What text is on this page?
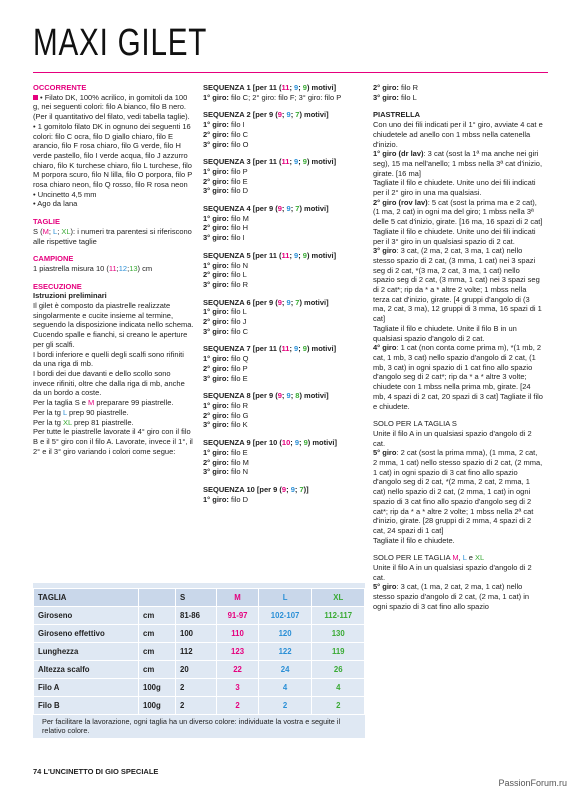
MAXI GILET
OCCORRENTE

• Filato DK, 100% acrilico, in gomitoli da 100 g, nei seguenti colori: filo A bianco, filo B nero. (Per il quantitativo del filato, vedi tabella taglie).

• 1 gomitolo filato DK in ognuno dei seguenti 16 colori: filo C ocra, filo D giallo chiaro, filo E arancio, filo F rosa chiaro, filo G verde, filo H verde pastello, filo I verde acqua, filo J azzurro chiaro, filo K turchese chiaro, filo L turchese, filo M porpora scuro, filo N lilla, filo O porpora, filo P rosa chiaro neon, filo Q rosso, filo R rosa neon

• Uncinetto 4,5 mm

• Ago da lana

TAGLIE

S (M; L; XL): i numeri tra parentesi si riferiscono alle rispettive taglie

CAMPIONE

1 piastrella misura 10 (11;12;13) cm

ESECUZIONE

Istruzioni preliminari

Il gilet è composto da piastrelle realizzate singolarmente e cucite insieme al termine, seguendo la disposizione indicata nello schema. Cucendo spalle e fianchi, si creano le aperture per gli scalfi.

I bordi inferiore e quelli degli scalfi sono rifiniti da una riga di mb.

I bordi dei due davanti e dello scollo sono invece rifiniti, oltre che dalla riga di mb, anche da un bordo a coste.

Per la taglia S e M preparare 99 piastrelle.

Per la tg L prep 90 piastrelle.

Per la tg XL prep 81 piastrelle.

Per tutte le piastrelle lavorate il 4° giro con il filo B e il 5° giro con il filo A. Lavorate, invece il 1°, il 2° e il 3° giro variando i colori come segue:

SEQUENZA 1 [per 11 (11; 9; 9) motivi]

1° giro: filo C; 2° giro: filo F; 3° giro: filo P

SEQUENZA 2 [per 9 (9; 9; 7) motivi]

1° giro: filo I

2° giro: filo C

3° giro: filo O

SEQUENZA 3 [per 11 (11; 9; 9) motivi]

1° giro: filo P

2° giro: filo E

3° giro: filo D

SEQUENZA 4 [per 9 (9; 9; 7) motivi]

1° giro: filo M

2° giro: filo H

3° giro: filo I

SEQUENZA 5 [per 11 (11; 9; 9) motivi]

1° giro: filo N

2° giro: filo L

3° giro: filo R

SEQUENZA 6 [per 9 (9; 9; 7) motivi]

1° giro: filo L

2° giro: filo J

3° giro: filo C

SEQUENZA 7 [per 11 (11; 9; 9) motivi]

1° giro: filo Q

2° giro: filo P

3° giro: filo E

SEQUENZA 8 [per 9 (9; 9; 8) motivi]

1° giro: filo R

2° giro: filo G

3° giro: filo K

SEQUENZA 9 [per 10 (10; 9; 9) motivi]

1° giro: filo E

2° giro: filo M

3° giro: filo N

SEQUENZA 10 [per 9 (9; 9; 7)]

1° giro: filo D

2° giro: filo R

3° giro: filo L

PIASTRELLA

Con uno dei fili indicati per il 1° giro, avviate 4 cat e chiudetele ad anello con 1 mbss nella catenella d'inizio.

1° giro (dr lav): 3 cat (sost la 1ª ma anche nei giri seg), 15 ma nell'anello; 1 mbss nella 3ª cat d'inizio, girate. [16 ma]

Tagliate il filo e chiudete. Unite uno dei fili indicati per il 2° giro in una ma qualsiasi.

2° giro (rov lav): 5 cat (sost la prima ma e 2 cat), (1 ma, 2 cat) in ogni ma del giro; 1 mbss nella 3ª delle 5 cat d'inizio, girate. [16 ma, 16 spazi di 2 cat]

Tagliate il filo e chiudete. Unite uno dei fili indicati per il 3° giro in un qualsiasi spazio di 2 cat.

3° giro: 3 cat, (2 ma, 2 cat, 3 ma, 1 cat) nello stesso spazio di 2 cat, (3 mma, 1 cat) nei 3 spazi seg di 2 cat, *(3 ma, 2 cat, 3 ma, 1 cat) nello spazio seg di 2 cat, (3 mma, 1 cat) nei 3 spazi seg di 2 cat*; rip da * a * altre 2 volte; 1 mbss nella terza cat d'inizio, girate. [4 gruppi d'angolo di (3 ma, 2 cat, 3 ma), 12 gruppi di 3 mma, 16 spazi di 1 cat]

Tagliate il filo e chiudete. Unite il filo B in un qualsiasi spazio d'angolo di 2 cat.

4° giro: 1 cat (non conta come prima m), *(1 mb, 2 cat, 1 mb, 3 cat) nello spazio d'angolo di 2 cat, (1 mb, 3 cat) in ogni spazio di 1 cat fino allo spazio d'angolo seg di 2 cat*; rip da * a * altre 3 volte; chiudete con 1 mbss nella prima mb, girate. [24 mb, 4 spazi di 2 cat, 20 spazi di 3 cat] Tagliate il filo e chiudete.

SOLO PER LA TAGLIA S

Unite il filo A in un qualsiasi spazio d'angolo di 2 cat.

5° giro: 2 cat (sost la prima mma), (1 mma, 2 cat, 2 mma, 1 cat) nello stesso spazio di 2 cat, (2 mma, 1 cat) in ogni spazio di 3 cat fino allo spazio d'angolo seg di 2 cat, *(2 mma, 2 cat, 2 mma, 1 cat) nello spazio di 2 cat, (2 mma, 1 cat) in ogni spazio di 3 cat fino allo spazio d'angolo seg di 2 cat*; rip da * a * altre 2 volte; 1 mbss nella 2ª cat d'inizio, girate. [28 gruppi di 2 mma, 4 spazi di 2 cat, 24 spazi di 1 cat]

Tagliate il filo e chiudete.

SOLO PER LE TAGLIA M, L e XL

Unite il filo A in un qualsiasi spazio d'angolo di 2 cat.

5° giro: 3 cat, (1 ma, 2 cat, 2 ma, 1 cat) nello stesso spazio d'angolo di 2 cat, (2 ma, 1 cat) in ogni spazio di 3 cat fino allo spazio

TAGLIA		S	M	L	XL
Giroseno	cm	81-86	91-97	102-107	112-117
Giroseno effettivo	cm	100	110	120	130
Lunghezza	cm	112	123	122	119
Altezza scalfo	cm	20	22	24	26
Filo A	100g	2	3	4	4
Filo B	100g	2	2	2	2

Per facilitare la lavorazione, ogni taglia ha un diverso colore: individuate la vostra e seguite il relativo colore.

74 L'UNCINETTO DI GIO SPECIALE
PassionForum.ru
